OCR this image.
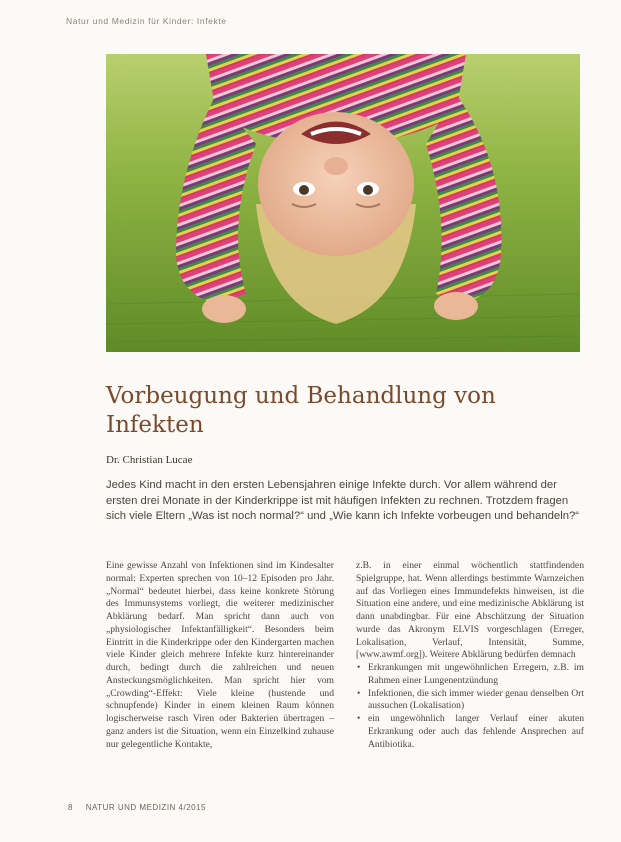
Natur und Medizin für Kinder: Infekte
Vorbeugung und Behandlung von Infekten
Dr. Christian Lucae

Jedes Kind macht in den ersten Lebensjahren einige Infekte durch. Vor allem während der ersten drei Monate in der Kinderkrippe ist mit häufigen Infekten zu rechnen. Trotzdem fragen sich viele Eltern „Was ist noch normal?“ und „Wie kann ich Infekte vorbeugen und behandeln?“

Eine gewisse Anzahl von Infektionen sind im Kindesalter normal: Experten sprechen von 10–12 Episoden pro Jahr. „Normal“ bedeutet hierbei, dass keine konkrete Störung des Immunsystems vorliegt, die weiterer medizinischer Abklärung bedarf. Man spricht dann auch von „physiologischer Infektanfälligkeit“. Besonders beim Eintritt in die Kinderkrippe oder den Kindergarten machen viele Kinder gleich mehrere Infekte kurz hintereinander durch, bedingt durch die zahlreichen und neuen Ansteckungsmöglichkeiten. Man spricht hier vom „Crowding“-Effekt: Viele kleine (hustende und schnupfende) Kinder in einem kleinen Raum können logischerweise rasch Viren oder Bakterien übertragen – ganz anders ist die Situation, wenn ein Einzelkind zuhause nur gelegentliche Kontakte,

z.B. in einer einmal wöchentlich stattfindenden Spielgruppe, hat. Wenn allerdings bestimmte Warnzeichen auf das Vorliegen eines Immundefekts hinweisen, ist die Situation eine andere, und eine medizinische Abklärung ist dann unabdingbar. Für eine Abschätzung der Situation wurde das Akronym ELVIS vorgeschlagen (Erreger, Lokalisation, Verlauf, Intensität, Summe, [www.awmf.org]). Weitere Abklärung bedürfen demnach

• Erkrankungen mit ungewöhnlichen Erregern, z.B. im Rahmen einer Lungenentzündung
• Infektionen, die sich immer wieder genau denselben Ort aussuchen (Lokalisation)
• ein ungewöhnlich langer Verlauf einer akuten Erkrankung oder auch das fehlende Ansprechen auf Antibiotika.
8 NATUR UND MEDIZIN 4/2015
